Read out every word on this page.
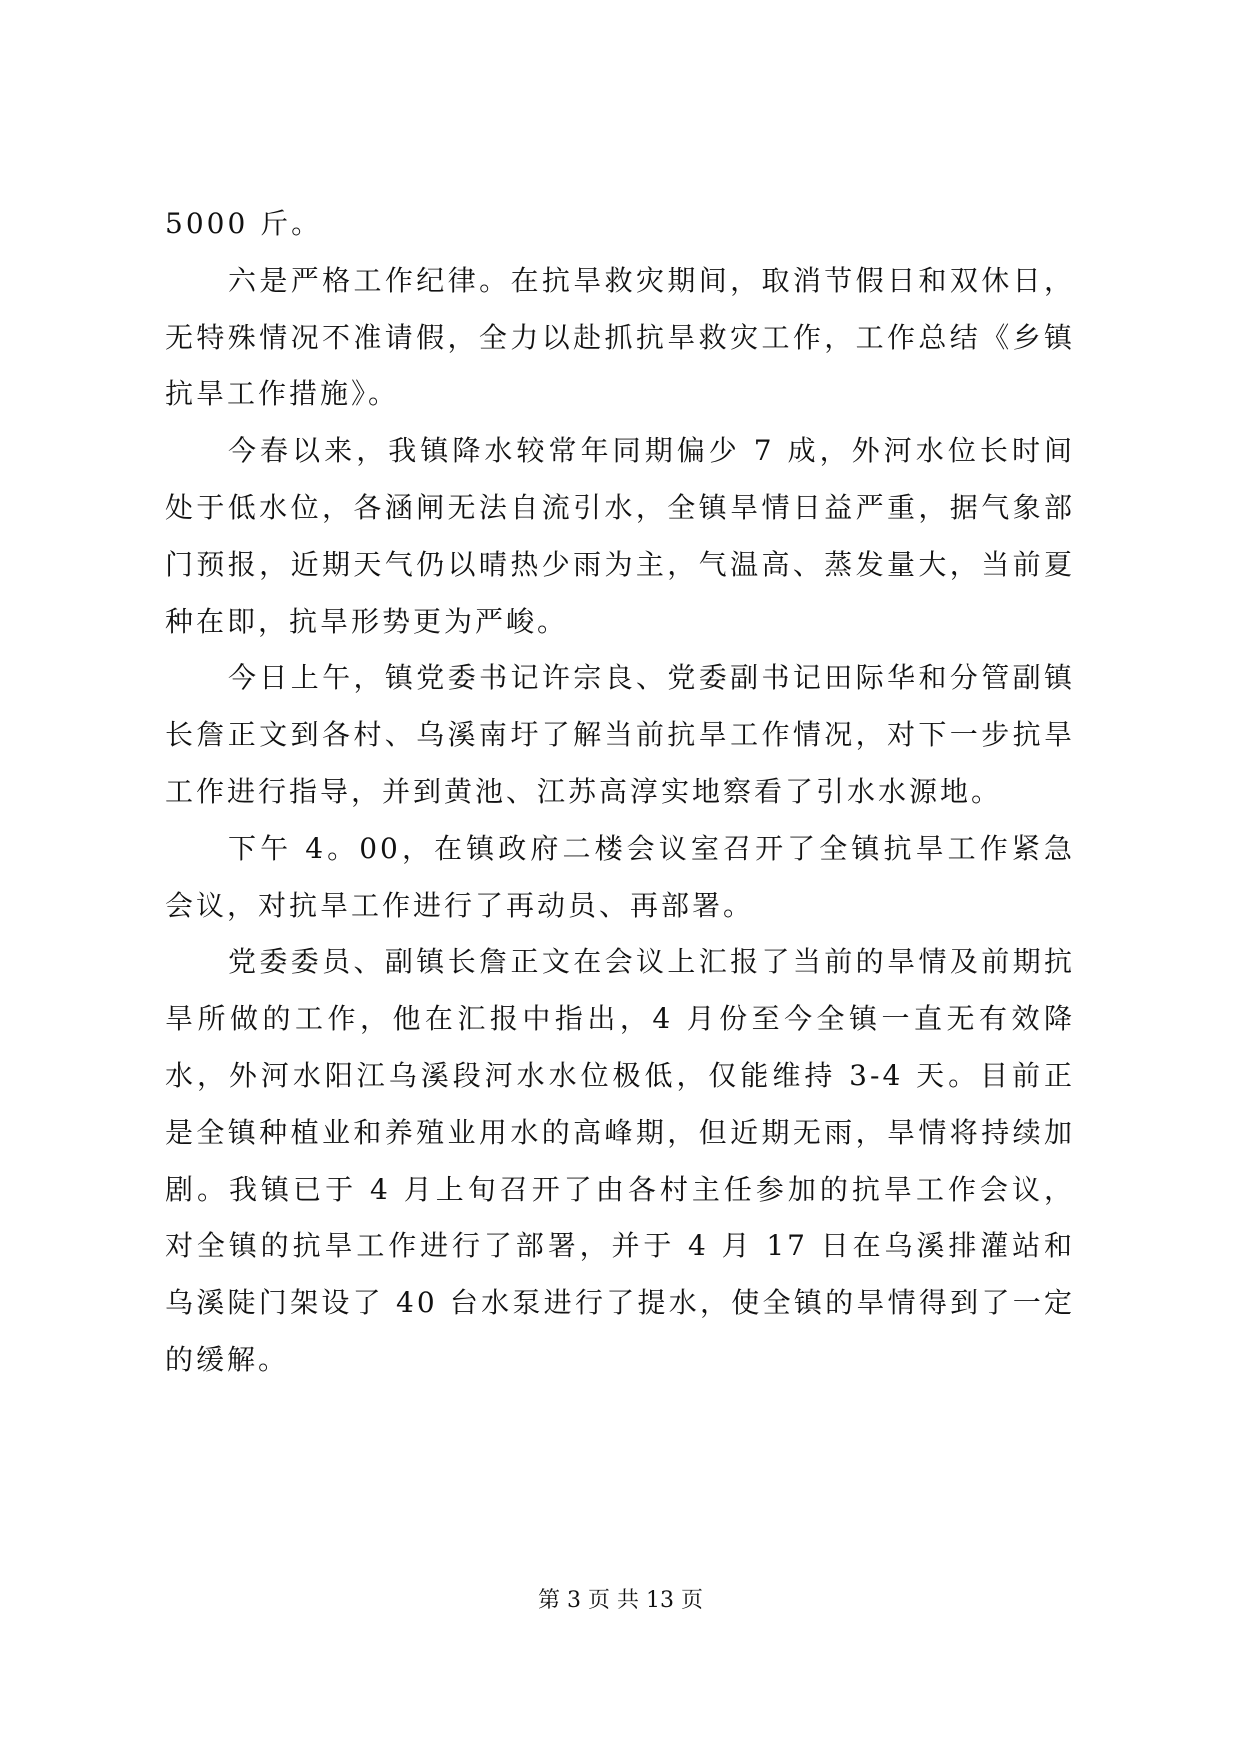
5000 斤。

六是严格工作纪律。在抗旱救灾期间，取消节假日和双休日，无特殊情况不准请假，全力以赴抓抗旱救灾工作，工作总结《乡镇抗旱工作措施》。

今春以来，我镇降水较常年同期偏少 7 成，外河水位长时间处于低水位，各涵闸无法自流引水，全镇旱情日益严重，据气象部门预报，近期天气仍以晴热少雨为主，气温高、蒸发量大，当前夏种在即，抗旱形势更为严峻。

今日上午，镇党委书记许宗良、党委副书记田际华和分管副镇长詹正文到各村、乌溪南圩了解当前抗旱工作情况，对下一步抗旱工作进行指导，并到黄池、江苏高淳实地察看了引水水源地。

下午 4。00，在镇政府二楼会议室召开了全镇抗旱工作紧急会议，对抗旱工作进行了再动员、再部署。

党委委员、副镇长詹正文在会议上汇报了当前的旱情及前期抗旱所做的工作，他在汇报中指出，4 月份至今全镇一直无有效降水，外河水阳江乌溪段河水水位极低，仅能维持 3-4 天。目前正是全镇种植业和养殖业用水的高峰期，但近期无雨，旱情将持续加剧。我镇已于 4 月上旬召开了由各村主任参加的抗旱工作会议，对全镇的抗旱工作进行了部署，并于 4 月 17 日在乌溪排灌站和乌溪陡门架设了 40 台水泵进行了提水，使全镇的旱情得到了一定的缓解。

第 3 页 共 13 页
